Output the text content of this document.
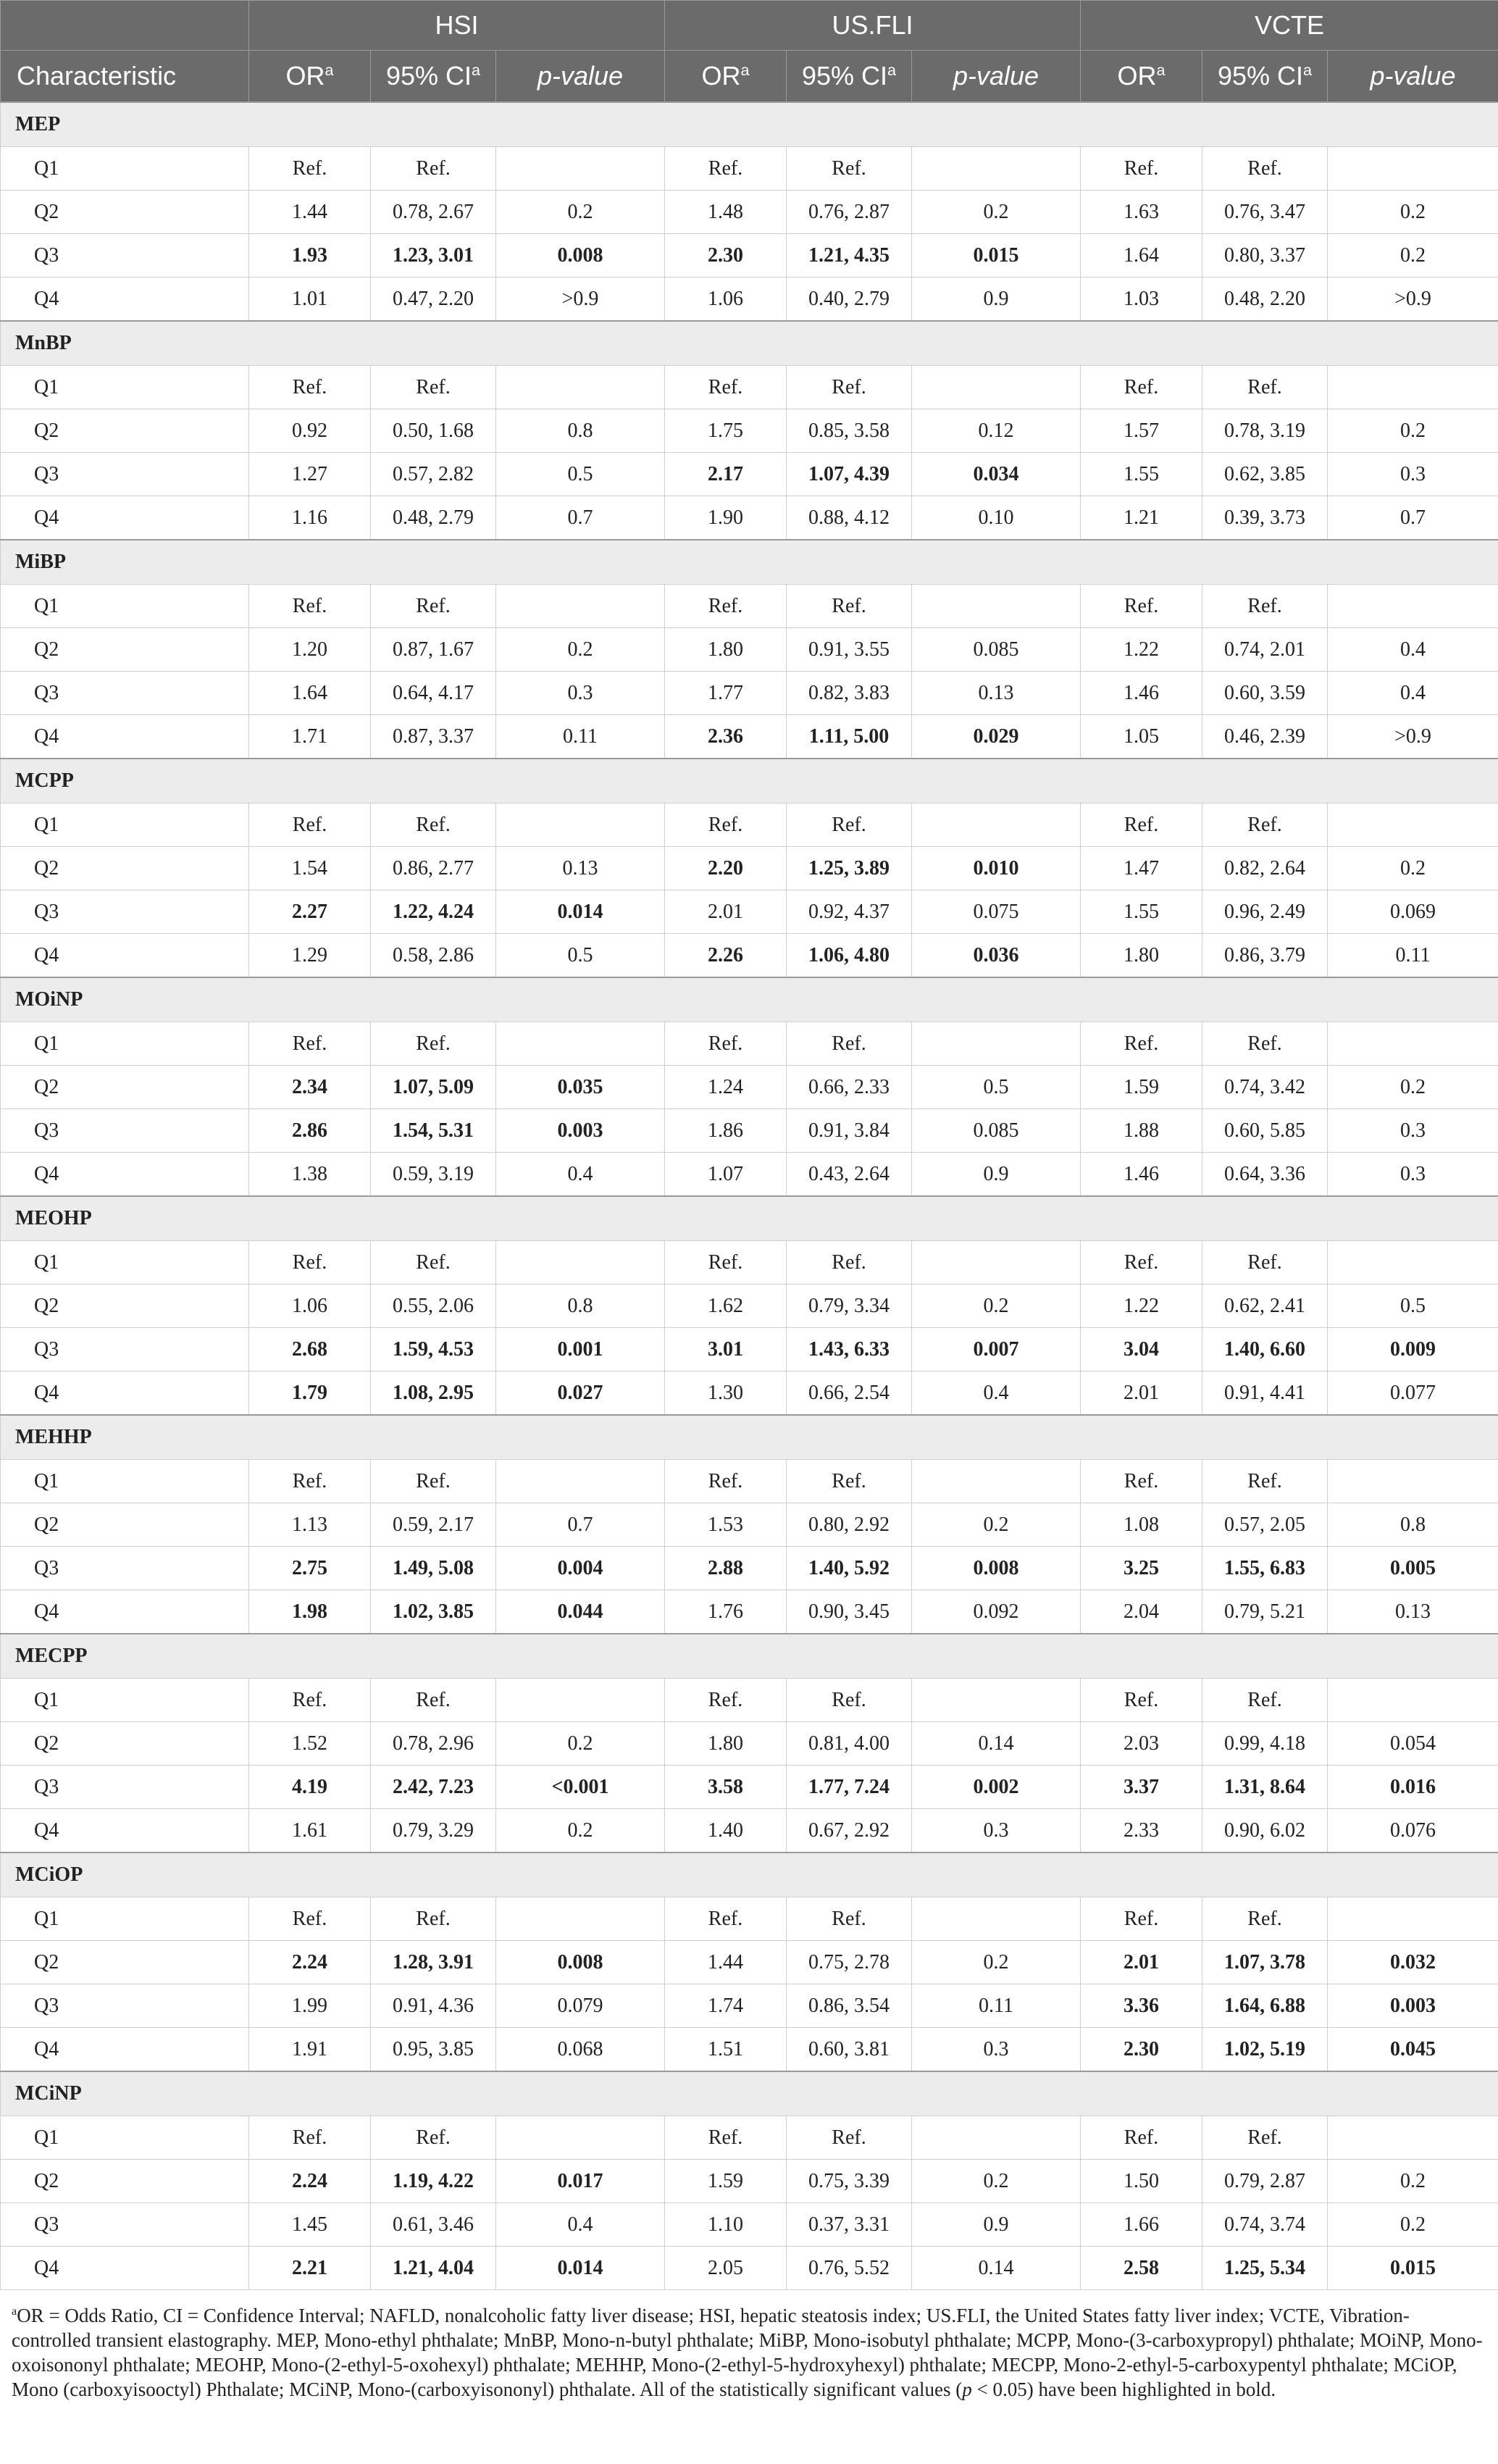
	HSI			US.FLI			VCTE		
Characteristic	$OR^a$	95% $CI^a$	p-value	$OR^a$	95% $CI^a$	p-value	$OR^a$	95% $CI^a$	p-value
MEP									
Q1	Ref.	Ref.		Ref.	Ref.		Ref.	Ref.	
Q2	1.44	0.78, 2.67	0.2	1.48	0.76, 2.87	0.2	1.63	0.76, 3.47	0.2
Q3	1.93	1.23, 3.01	0.008	2.30	1.21, 4.35	0.015	1.64	0.80, 3.37	0.2
Q4	1.01	0.47, 2.20	>0.9	1.06	0.40, 2.79	0.9	1.03	0.48, 2.20	>0.9
MnBP									
Q1	Ref.	Ref.		Ref.	Ref.		Ref.	Ref.	
Q2	0.92	0.50, 1.68	0.8	1.75	0.85, 3.58	0.12	1.57	0.78, 3.19	0.2
Q3	1.27	0.57, 2.82	0.5	2.17	1.07, 4.39	0.034	1.55	0.62, 3.85	0.3
Q4	1.16	0.48, 2.79	0.7	1.90	0.88, 4.12	0.10	1.21	0.39, 3.73	0.7
MiBP									
Q1	Ref.	Ref.		Ref.	Ref.		Ref.	Ref.	
Q2	1.20	0.87, 1.67	0.2	1.80	0.91, 3.55	0.085	1.22	0.74, 2.01	0.4
Q3	1.64	0.64, 4.17	0.3	1.77	0.82, 3.83	0.13	1.46	0.60, 3.59	0.4
Q4	1.71	0.87, 3.37	0.11	2.36	1.11, 5.00	0.029	1.05	0.46, 2.39	>0.9
MCPP									
Q1	Ref.	Ref.		Ref.	Ref.		Ref.	Ref.	
Q2	1.54	0.86, 2.77	0.13	2.20	1.25, 3.89	0.010	1.47	0.82, 2.64	0.2
Q3	2.27	1.22, 4.24	0.014	2.01	0.92, 4.37	0.075	1.55	0.96, 2.49	0.069
Q4	1.29	0.58, 2.86	0.5	2.26	1.06, 4.80	0.036	1.80	0.86, 3.79	0.11
MOiNP									
Q1	Ref.	Ref.		Ref.	Ref.		Ref.	Ref.	
Q2	2.34	1.07, 5.09	0.035	1.24	0.66, 2.33	0.5	1.59	0.74, 3.42	0.2
Q3	2.86	1.54, 5.31	0.003	1.86	0.91, 3.84	0.085	1.88	0.60, 5.85	0.3
Q4	1.38	0.59, 3.19	0.4	1.07	0.43, 2.64	0.9	1.46	0.64, 3.36	0.3
MEOHP									
Q1	Ref.	Ref.		Ref.	Ref.		Ref.	Ref.	
Q2	1.06	0.55, 2.06	0.8	1.62	0.79, 3.34	0.2	1.22	0.62, 2.41	0.5
Q3	2.68	1.59, 4.53	0.001	3.01	1.43, 6.33	0.007	3.04	1.40, 6.60	0.009
Q4	1.79	1.08, 2.95	0.027	1.30	0.66, 2.54	0.4	2.01	0.91, 4.41	0.077
MEHHP									
Q1	Ref.	Ref.		Ref.	Ref.		Ref.	Ref.	
Q2	1.13	0.59, 2.17	0.7	1.53	0.80, 2.92	0.2	1.08	0.57, 2.05	0.8
Q3	2.75	1.49, 5.08	0.004	2.88	1.40, 5.92	0.008	3.25	1.55, 6.83	0.005
Q4	1.98	1.02, 3.85	0.044	1.76	0.90, 3.45	0.092	2.04	0.79, 5.21	0.13
MECPP									
Q1	Ref.	Ref.		Ref.	Ref.		Ref.	Ref.	
Q2	1.52	0.78, 2.96	0.2	1.80	0.81, 4.00	0.14	2.03	0.99, 4.18	0.054
Q3	4.19	2.42, 7.23	<0.001	3.58	1.77, 7.24	0.002	3.37	1.31, 8.64	0.016
Q4	1.61	0.79, 3.29	0.2	1.40	0.67, 2.92	0.3	2.33	0.90, 6.02	0.076
MCiOP									
Q1	Ref.	Ref.		Ref.	Ref.		Ref.	Ref.	
Q2	2.24	1.28, 3.91	0.008	1.44	0.75, 2.78	0.2	2.01	1.07, 3.78	0.032
Q3	1.99	0.91, 4.36	0.079	1.74	0.86, 3.54	0.11	3.36	1.64, 6.88	0.003
Q4	1.91	0.95, 3.85	0.068	1.51	0.60, 3.81	0.3	2.30	1.02, 5.19	0.045
MCiNP									
Q1	Ref.	Ref.		Ref.	Ref.		Ref.	Ref.	
Q2	2.24	1.19, 4.22	0.017	1.59	0.75, 3.39	0.2	1.50	0.79, 2.87	0.2
Q3	1.45	0.61, 3.46	0.4	1.10	0.37, 3.31	0.9	1.66	0.74, 3.74	0.2
Q4	2.21	1.21, 4.04	0.014	2.05	0.76, 5.52	0.14	2.58	1.25, 5.34	0.015
$^a$OR = Odds Ratio, CI = Confidence Interval; NAFLD, nonalcoholic fatty liver disease; HSI, hepatic steatosis index; US.FLI, the United States fatty liver index; VCTE, Vibration-controlled transient elastography. MEP, Mono-ethyl phthalate; MnBP, Mono-n-butyl phthalate; MiBP, Mono-isobutyl phthalate; MCPP, Mono-(3-carboxypropyl) phthalate; MOiNP, Mono-oxoisononyl phthalate; MEOHP, Mono-(2-ethyl-5-oxohexyl) phthalate; MEHHP, Mono-(2-ethyl-5-hydroxyhexyl) phthalate; MECPP, Mono-2-ethyl-5-carboxypentyl phthalate; MCiOP, Mono (carboxyisooctyl) Phthalate; MCiNP, Mono-(carboxyisononyl) phthalate. All of the statistically significant values (p < 0.05) have been highlighted in bold.
